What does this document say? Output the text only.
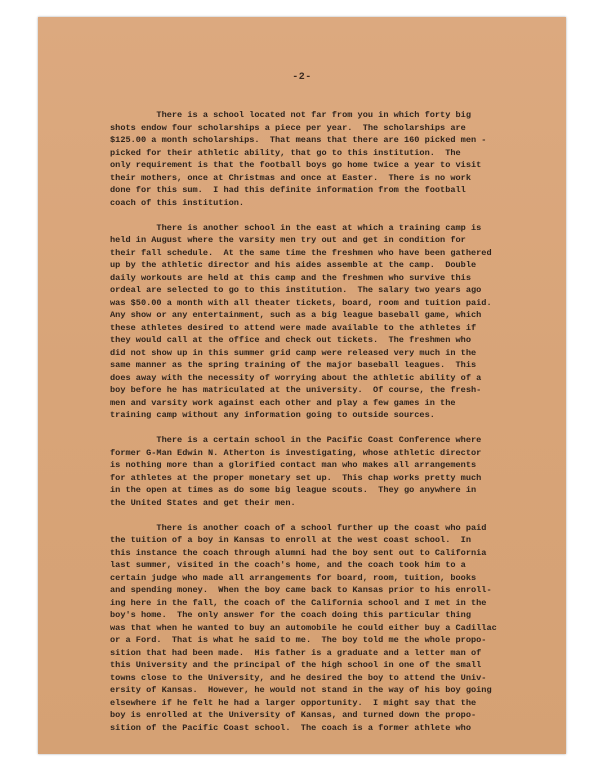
-2-
There is a school located not far from you in which forty big
shots endow four scholarships a piece per year.  The scholarships are
$125.00 a month scholarships.  That means that there are 160 picked men -
picked for their athletic ability, that go to this institution.  The
only requirement is that the football boys go home twice a year to visit
their mothers, once at Christmas and once at Easter.  There is no work
done for this sum.  I had this definite information from the football
coach of this institution.
There is another school in the east at which a training camp is
held in August where the varsity men try out and get in condition for
their fall schedule.  At the same time the freshmen who have been gathered
up by the athletic director and his aides assemble at the camp.  Double
daily workouts are held at this camp and the freshmen who survive this
ordeal are selected to go to this institution.  The salary two years ago
was $50.00 a month with all theater tickets, board, room and tuition paid.
Any show or any entertainment, such as a big league baseball game, which
these athletes desired to attend were made available to the athletes if
they would call at the office and check out tickets.  The freshmen who
did not show up in this summer grid camp were released very much in the
same manner as the spring training of the major baseball leagues.  This
does away with the necessity of worrying about the athletic ability of a
boy before he has matriculated at the university.  Of course, the fresh-
men and varsity work against each other and play a few games in the
training camp without any information going to outside sources.
There is a certain school in the Pacific Coast Conference where
former G-Man Edwin N. Atherton is investigating, whose athletic director
is nothing more than a glorified contact man who makes all arrangements
for athletes at the proper monetary set up.  This chap works pretty much
in the open at times as do some big league scouts.  They go anywhere in
the United States and get their men.
There is another coach of a school further up the coast who paid
the tuition of a boy in Kansas to enroll at the west coast school.  In
this instance the coach through alumni had the boy sent out to California
last summer, visited in the coach's home, and the coach took him to a
certain judge who made all arrangements for board, room, tuition, books
and spending money.  When the boy came back to Kansas prior to his enroll-
ing here in the fall, the coach of the California school and I met in the
boy's home.  The only answer for the coach doing this particular thing
was that when he wanted to buy an automobile he could either buy a Cadillac
or a Ford.  That is what he said to me.  The boy told me the whole propo-
sition that had been made.  His father is a graduate and a letter man of
this University and the principal of the high school in one of the small
towns close to the University, and he desired the boy to attend the Univ-
ersity of Kansas.  However, he would not stand in the way of his boy going
elsewhere if he felt he had a larger opportunity.  I might say that the
boy is enrolled at the University of Kansas, and turned down the propo-
sition of the Pacific Coast school.  The coach is a former athlete who
